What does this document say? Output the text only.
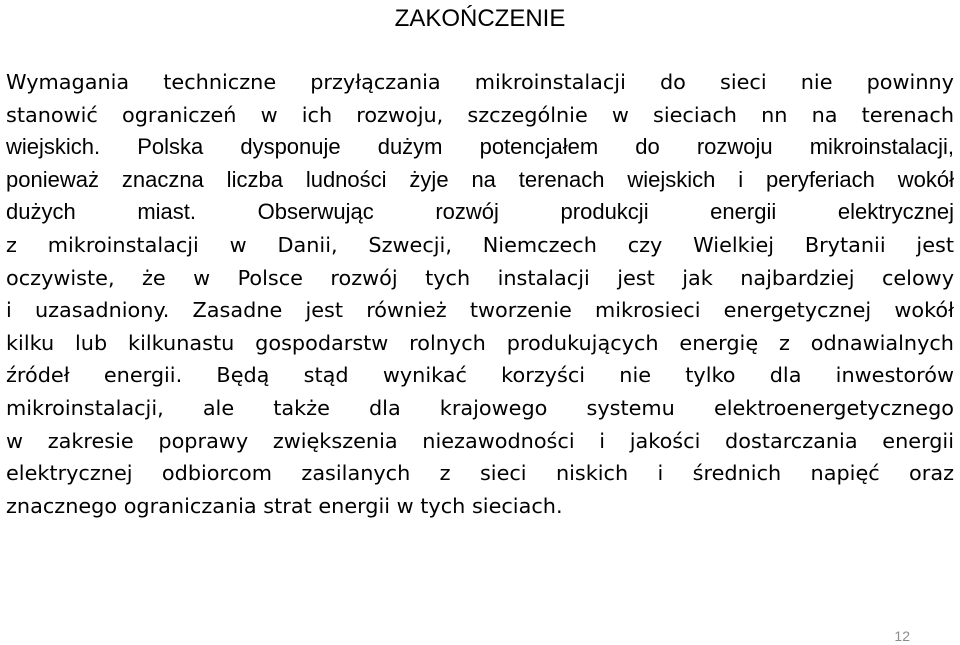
ZAKOŃCZENIE

Wymagania techniczne przyłączania mikroinstalacji do sieci nie powinny
stanowić ograniczeń w ich rozwoju, szczególnie w sieciach nn na terenach
wiejskich. Polska dysponuje dużym potencjałem do rozwoju mikroinstalacji,
ponieważ znaczna liczba ludności żyje na terenach wiejskich i peryferiach wokół
dużych miast. Obserwując rozwój produkcji energii elektrycznej
z mikroinstalacji w Danii, Szwecji, Niemczech czy Wielkiej Brytanii jest
oczywiste, że w Polsce rozwój tych instalacji jest jak najbardziej celowy
i uzasadniony. Zasadne jest również tworzenie mikrosieci energetycznej wokół
kilku lub kilkunastu gospodarstw rolnych produkujących energię z odnawialnych
źródeł energii. Będą stąd wynikać korzyści nie tylko dla inwestorów
mikroinstalacji, ale także dla krajowego systemu elektroenergetycznego
w zakresie poprawy zwiększenia niezawodności i jakości dostarczania energii
elektrycznej odbiorcom zasilanych z sieci niskich i średnich napięć oraz
znacznego ograniczania strat energii w tych sieciach.

12
